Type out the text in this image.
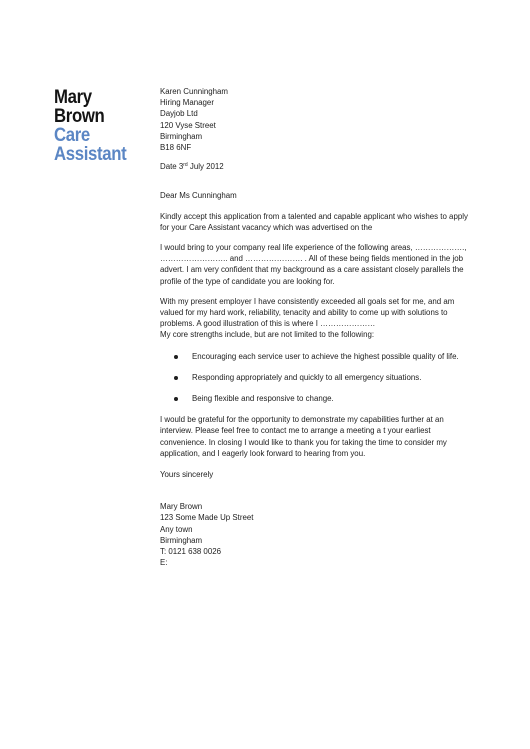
Mary
Brown
Care
Assistant
Karen Cunningham
Hiring Manager
Dayjob Ltd
120 Vyse Street
Birmingham
B18 6NF

Date 3rd July 2012

Dear Ms Cunningham

Kindly accept this application from a talented and capable applicant who wishes to apply for your Care Assistant vacancy which was advertised on the

I would bring to your company real life experience of the following areas, ………………., …………………….. and …………………. . All of these being fields mentioned in the job advert. I am very confident that my background as a care assistant closely parallels the profile of the type of candidate you are looking for.

With my present employer I have consistently exceeded all goals set for me, and am valued for my hard work, reliability, tenacity and ability to come up with solutions to problems. A good illustration of this is where I …………………

My core strengths include, but are not limited to the following:

Encouraging each service user to achieve the highest possible quality of life.
Responding appropriately and quickly to all emergency situations.
Being flexible and responsive to change.

I would be grateful for the opportunity to demonstrate my capabilities further at an interview. Please feel free to contact me to arrange a meeting a t your earliest convenience. In closing I would like to thank you for taking the time to consider my application, and I eagerly look forward to hearing from you.

Yours sincerely

Mary Brown
123 Some Made Up Street
Any town
Birmingham
T: 0121 638 0026
E:
